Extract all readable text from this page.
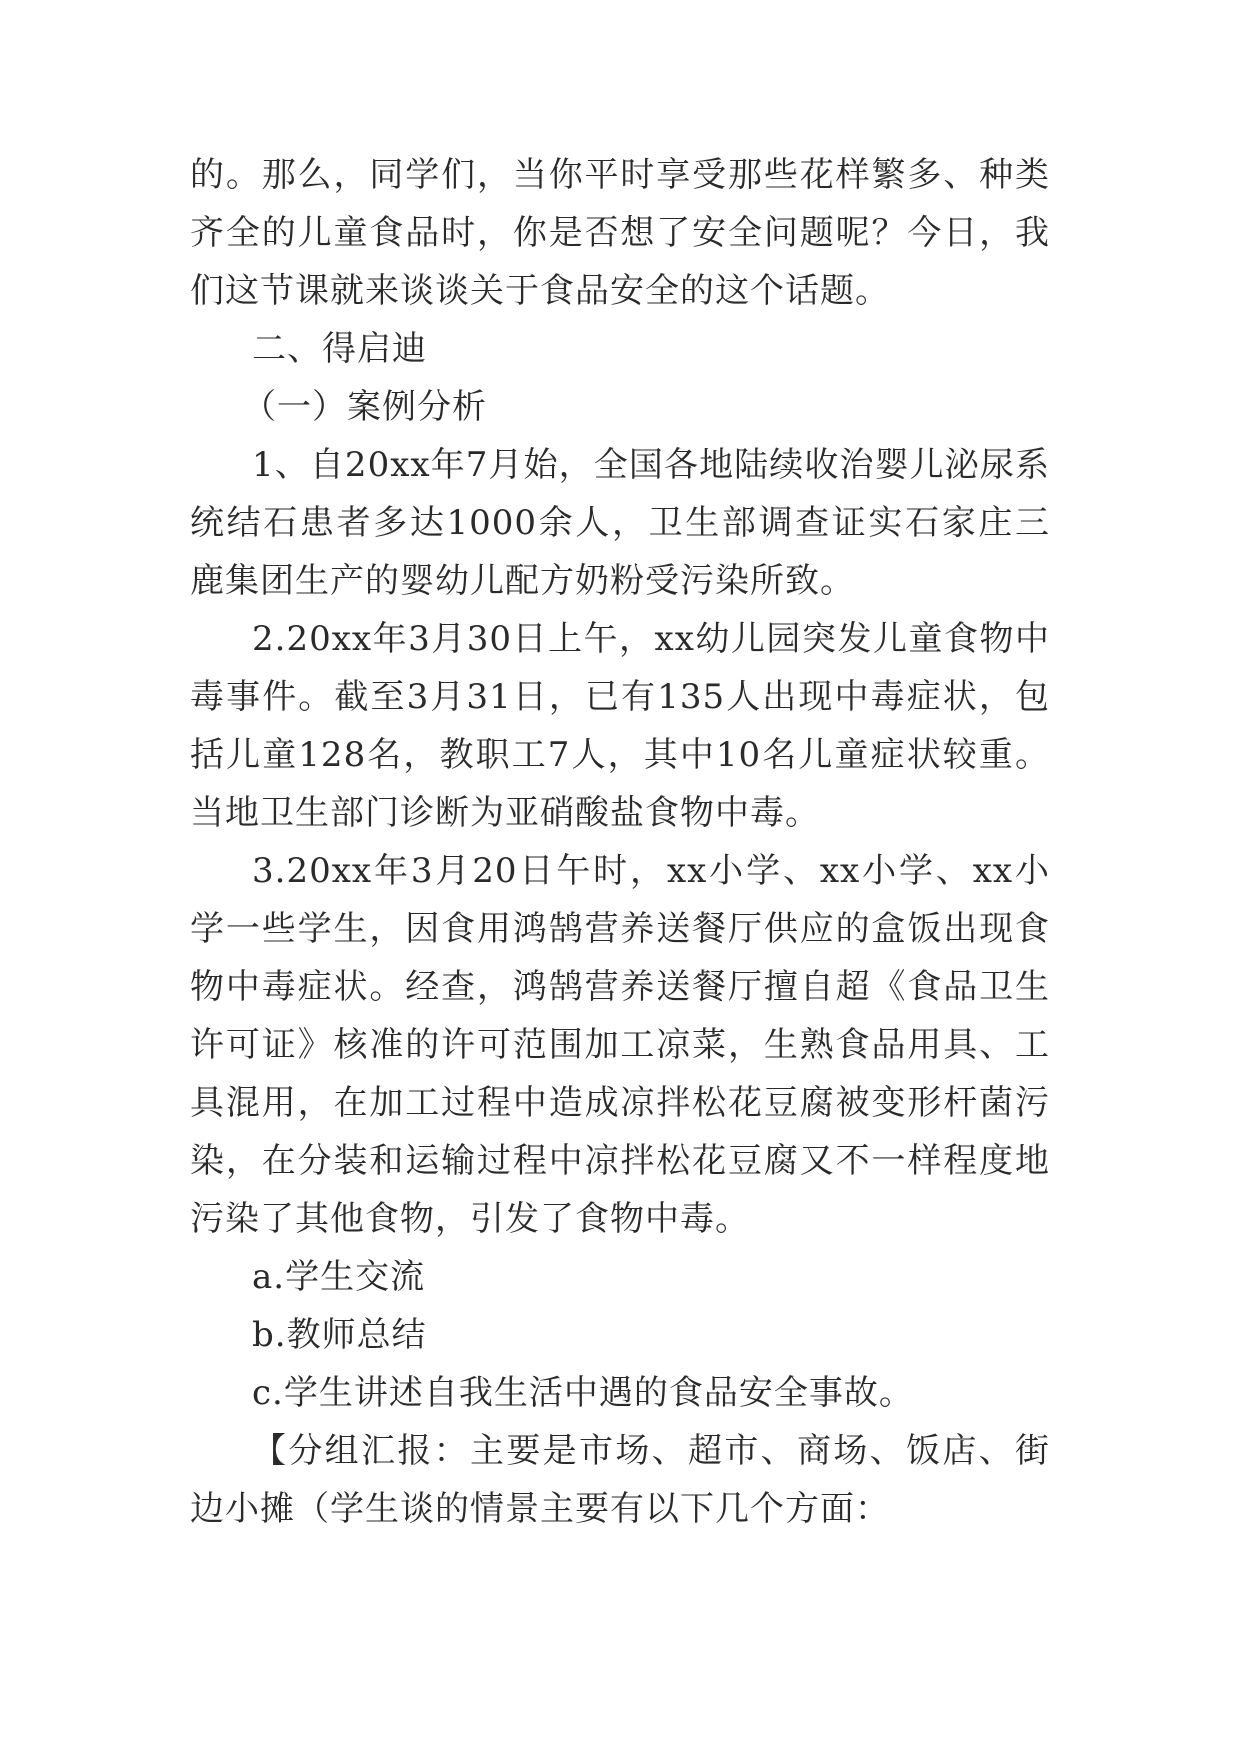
的。那么，同学们，当你平时享受那些花样繁多、种类齐全的儿童食品时，你是否想了安全问题呢？今日，我们这节课就来谈谈关于食品安全的这个话题。

二、得启迪

（一）案例分析

1、自20xx年7月始，全国各地陆续收治婴儿泌尿系统结石患者多达1000余人，卫生部调查证实石家庄三鹿集团生产的婴幼儿配方奶粉受污染所致。

2.20xx年3月30日上午，xx幼儿园突发儿童食物中毒事件。截至3月31日，已有135人出现中毒症状，包括儿童128名，教职工7人，其中10名儿童症状较重。当地卫生部门诊断为亚硝酸盐食物中毒。

3.20xx年3月20日午时，xx小学、xx小学、xx小学一些学生，因食用鸿鹄营养送餐厅供应的盒饭出现食物中毒症状。经查，鸿鹄营养送餐厅擅自超《食品卫生许可证》核准的许可范围加工凉菜，生熟食品用具、工具混用，在加工过程中造成凉拌松花豆腐被变形杆菌污染，在分装和运输过程中凉拌松花豆腐又不一样程度地污染了其他食物，引发了食物中毒。

a.学生交流

b.教师总结

c.学生讲述自我生活中遇的食品安全事故。

【分组汇报：主要是市场、超市、商场、饭店、街边小摊（学生谈的情景主要有以下几个方面：
